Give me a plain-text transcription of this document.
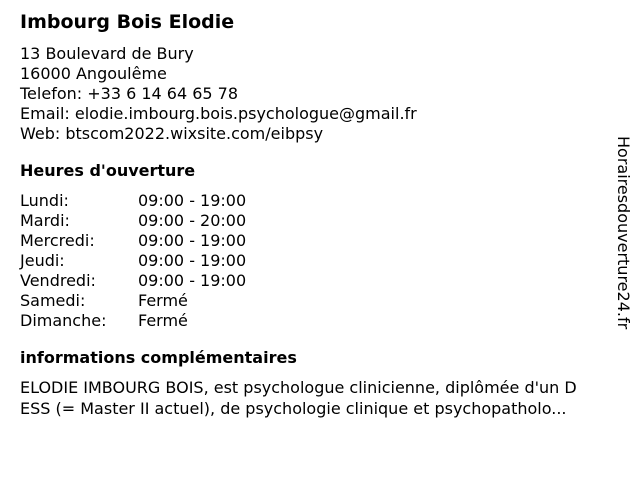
Imbourg Bois Elodie
13 Boulevard de Bury
16000 Angoulême
Telefon: +33 6 14 64 65 78
Email: elodie.imbourg.bois.psychologue@gmail.fr
Web: btscom2022.wixsite.com/eibpsy
Heures d'ouverture
Lundi:	09:00 - 19:00
Mardi:	09:00 - 20:00
Mercredi:	09:00 - 19:00
Jeudi:	09:00 - 19:00
Vendredi:	09:00 - 19:00
Samedi:	Fermé
Dimanche:	Fermé
informations complémentaires
ELODIE IMBOURG BOIS, est psychologue clinicienne, diplômée d'un D
ESS (= Master II actuel), de psychologie clinique et psychopatholo...
Horairesdouverture24.fr
